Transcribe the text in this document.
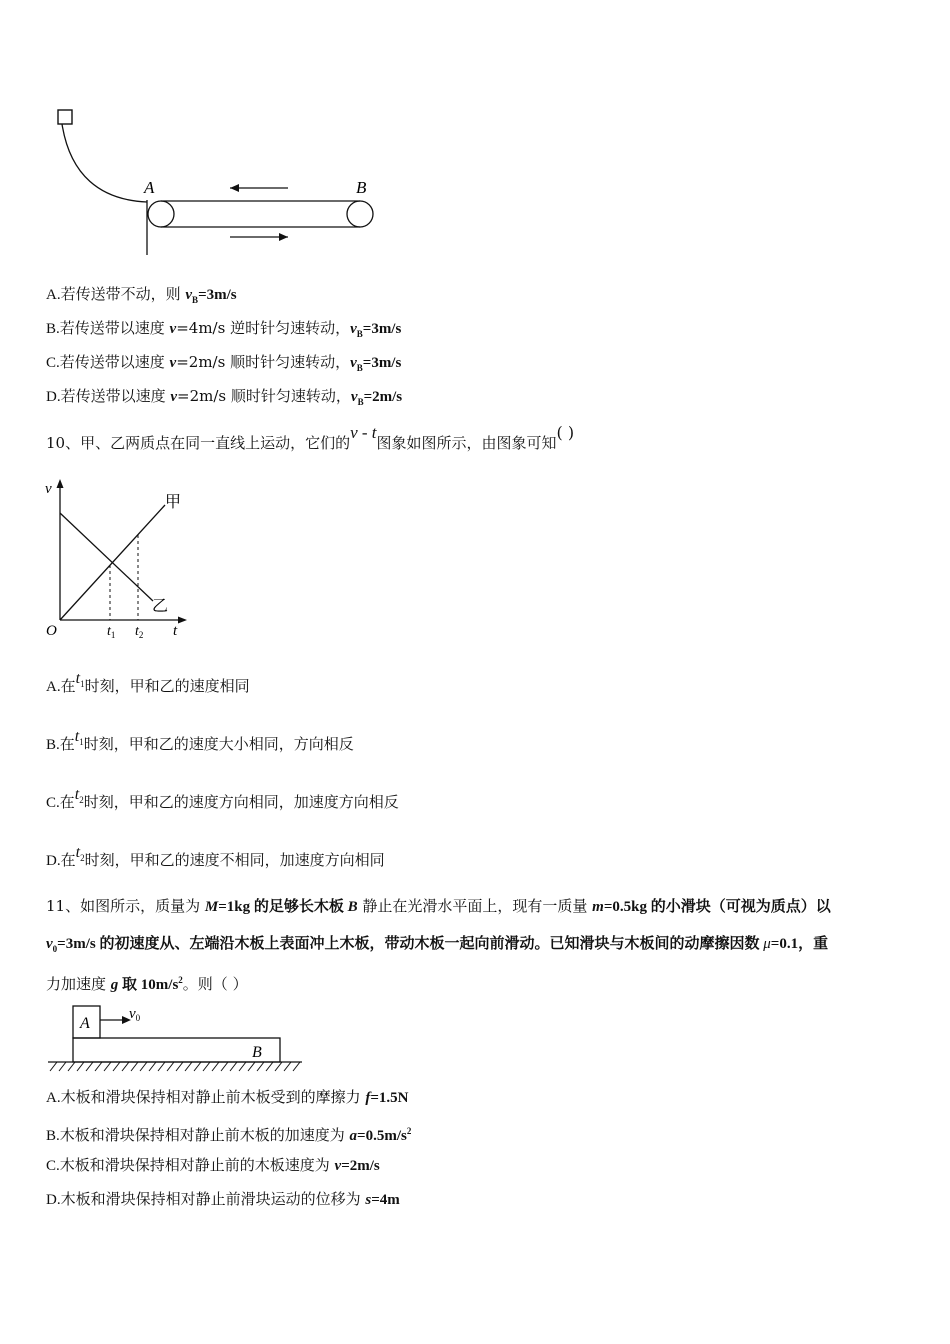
A	B
A.若传送带不动，则 $v_B=3m/s$
B.若传送带以速度 v=4m/s 逆时针匀速转动，$v_B=3m/s$
C.若传送带以速度 v=2m/s 顺时针匀速转动，$v_B=3m/s$
D.若传送带以速度 v=2m/s 顺时针匀速转动，$v_B=2m/s$
10、甲、乙两质点在同一直线上运动，它们的v - t图象如图所示，由图象可知( )
v
t
O	$t_1$ $t_2$
甲
乙
A.在$t_1$时刻，甲和乙的速度相同
B.在$t_1$时刻，甲和乙的速度大小相同，方向相反
C.在$t_2$时刻，甲和乙的速度方向相同，加速度方向相反
D.在$t_2$时刻，甲和乙的速度不相同，加速度方向相同
11、如图所示，质量为 M=1kg 的足够长木板 B 静止在光滑水平面上，现有一质量 m=0.5kg 的小滑块（可视为质点）以
$v_0=3m/s$ 的初速度从、左端沿木板上表面冲上木板，带动木板一起向前滑动。已知滑块与木板间的动摩擦因数 μ=0.1，重
力加速度 g 取 $10m/s^2$。则（ ）
A
$v_0$
B
A.木板和滑块保持相对静止前木板受到的摩擦力 f=1.5N
B.木板和滑块保持相对静止前木板的加速度为 $a=0.5m/s^2$
C.木板和滑块保持相对静止前的木板速度为 v=2m/s
D.木板和滑块保持相对静止前滑块运动的位移为 s=4m
